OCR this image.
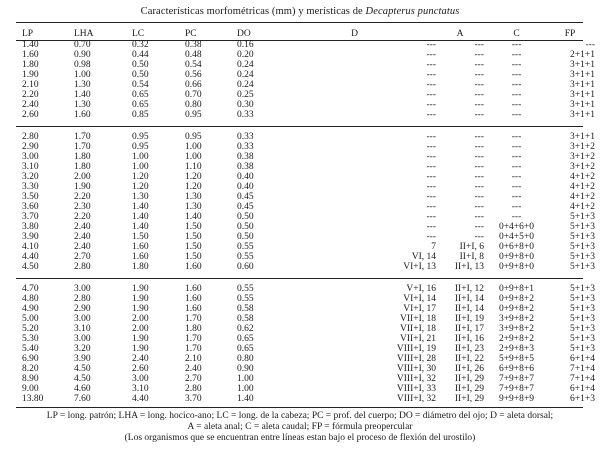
Características morfométricas (mm) y merísticas de Decapterus punctatus
LP	LHA	LC	PC	DO	D	A	C	FP
1.40	0.70	0.32	0.38	0.16	---	---	---	---
1.60	0.90	0.44	0.48	0.20	---	---	---	2+1+1
1.80	0.98	0.50	0.54	0.24	---	---	---	3+1+1
1.90	1.00	0.50	0.56	0.24	---	---	---	3+1+1
2.10	1.30	0.54	0.66	0.24	---	---	---	3+1+1
2.20	1.40	0.65	0.70	0.25	---	---	---	3+1+1
2.40	1.30	0.65	0.80	0.30	---	---	---	3+1+1
2.60	1.60	0.85	0.95	0.33	---	---	---	3+1+1

2.80	1.70	0.95	0.95	0.33	---	---	---	3+1+1
2.90	1.70	0.95	1.00	0.33	---	---	---	3+1+2
3.00	1.80	1.00	1.00	0.38	---	---	---	3+1+2
3.10	1.80	1.00	1.10	0.38	---	---	---	3+1+2
3.20	2.00	1.20	1.20	0.40	---	---	---	4+1+2
3.30	1.90	1.20	1.20	0.40	---	---	---	4+1+2
3.50	2.20	1.30	1.30	0.45	---	---	---	4+1+2
3.60	2.30	1.40	1.30	0.45	---	---	---	4+1+2
3.70	2.20	1.40	1.40	0.50	---	---	---	5+1+3
3.80	2.40	1.40	1.50	0.50	---	---	0+4+6+0	5+1+3
3.90	2.40	1.50	1.50	0.50	---	---	0+4+5+0	5+1+3
4.10	2.40	1.60	1.50	0.55	7	II+I, 6	0+6+8+0	5+1+3
4.40	2.70	1.60	1.50	0.55	VI, 14	II+I, 8	0+9+8+0	5+1+3
4.50	2.80	1.80	1.60	0.60	VI+I, 13	II+I, 13	0+9+8+0	5+1+3

4.70	3.00	1.90	1.60	0.55	V+I, 16	II+I, 12	0+9+8+1	5+1+3
4.80	2.80	1.90	1.60	0.55	VI+I, 14	II+I, 14	0+9+8+2	5+1+3
4.90	2.90	1.90	1.60	0.58	VI+I, 17	II+I, 14	0+9+8+2	5+1+3
5.00	3.00	2.00	1.70	0.58	VII+I, 18	II+I, 19	3+9+8+2	5+1+3
5.20	3.10	2.00	1.80	0.62	VII+I, 18	II+I, 17	3+9+8+2	5+1+3
5.30	3.00	1.90	1.70	0.65	VII+I, 21	II+I, 16	2+9+8+2	5+1+3
5.40	3.20	1.90	1.70	0.65	VIII+I, 19	II+I, 23	2+9+8+3	5+1+3
6.90	3.90	2.40	2.10	0.80	VIII+I, 28	II+I, 22	5+9+8+5	6+1+4
8.20	4.50	2.60	2.40	0.90	VIII+I, 30	II+I, 26	6+9+8+6	7+1+4
8.90	4.50	3.00	2.70	1.00	VIII+I, 32	II+I, 29	7+9+8+7	7+1+4
9.00	4.60	3.10	2.80	1.00	VIII+I, 33	II+I, 29	7+9+8+7	6+1+4
13.80	7.60	4.40	3.70	1.40	VIII+I, 32	II+I, 29	9+9+8+9	6+1+3
LP = long. patrón; LHA = long. hocico-ano; LC = long. de la cabeza; PC = prof. del cuerpo; DO = diámetro del ojo; D = aleta dorsal;
A = aleta anal; C = aleta caudal; FP = fórmula preopercular
(Los organismos que se encuentran entre líneas estan bajo el proceso de flexión del urostilo)
